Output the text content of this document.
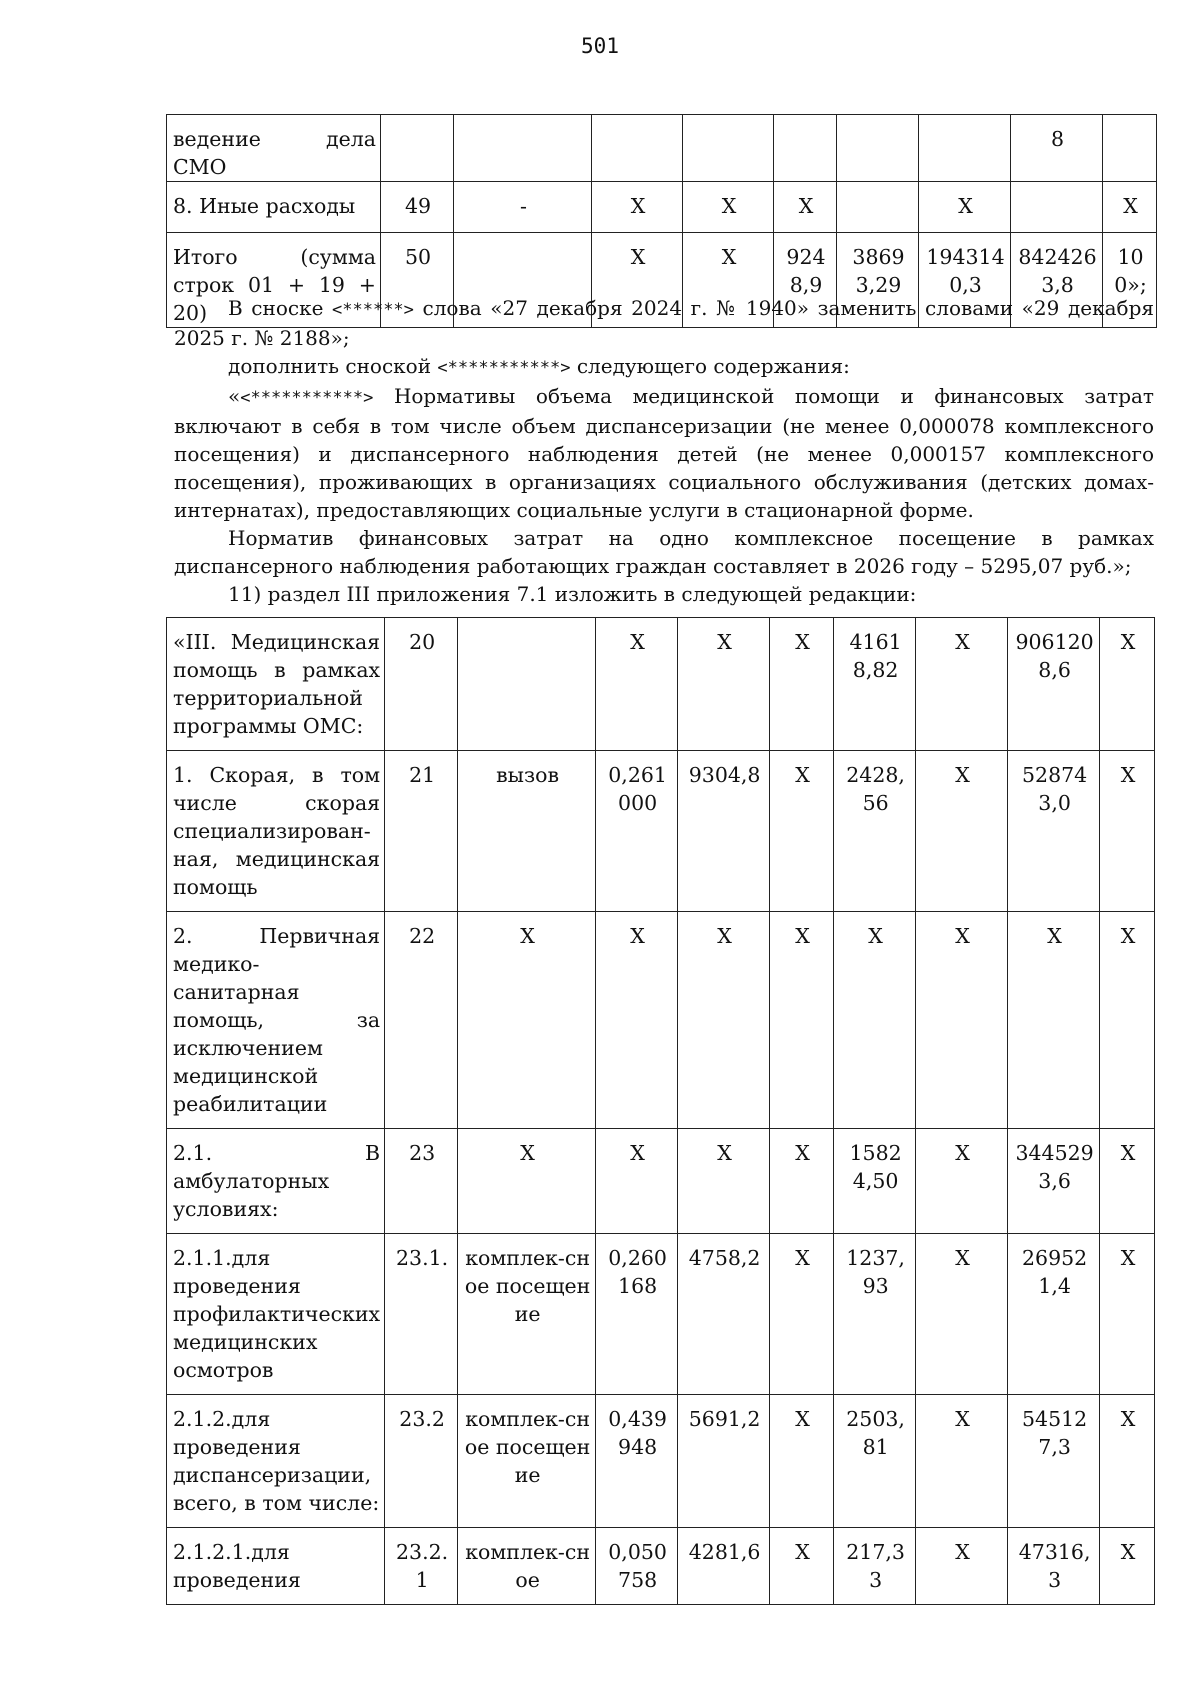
501
ведение дела СМО								8	
8. Иные расходы	49	-	X	X	X		X		X
Итого (сумма строк 01 + 19 + 20)	50		X	X	9248,9	38693,29	1943140,3	8424263,8	100»;
В сноске <******> слова «27 декабря 2024 г. № 1940» заменить словами «29 декабря 2025 г. № 2188»;
дополнить сноской <***********> следующего содержания:
«<***********> Нормативы объема медицинской помощи и финансовых затрат включают в себя в том числе объем диспансеризации (не менее 0,000078 комплексного посещения) и диспансерного наблюдения детей (не менее 0,000157 комплексного посещения), проживающих в организациях социального обслуживания (детских домах-интернатах), предоставляющих социальные услуги в стационарной форме.
Норматив финансовых затрат на одно комплексное посещение в рамках диспансерного наблюдения работающих граждан составляет в 2026 году – 5295,07 руб.»;
11) раздел III приложения 7.1 изложить в следующей редакции:
«III. Медицинская помощь в рамках территориальной программы ОМС:	20		X	X	X	41618,82	X	9061208,6	X
1. Скорая, в том числе скорая специализирован-ная, медицинская помощь	21	вызов	0,261000	9304,8	X	2428,56	X	528743,0	X
2. Первичная медико-санитарная помощь, за исключением медицинской реабилитации	22	X	X	X	X	X	X	X	X
2.1. В амбулаторных условиях:	23	X	X	X	X	15824,50	X	3445293,6	X
2.1.1.для проведения профилактических медицинских осмотров	23.1.	комплек-сное посещение	0,260168	4758,2	X	1237,93	X	269521,4	X
2.1.2.для проведения диспансеризации, всего, в том числе:	23.2	комплек-сное посещение	0,439948	5691,2	X	2503,81	X	545127,3	X
2.1.2.1.для проведения	23.2.1	комплек-сное	0,050758	4281,6	X	217,33	X	47316,3	X
